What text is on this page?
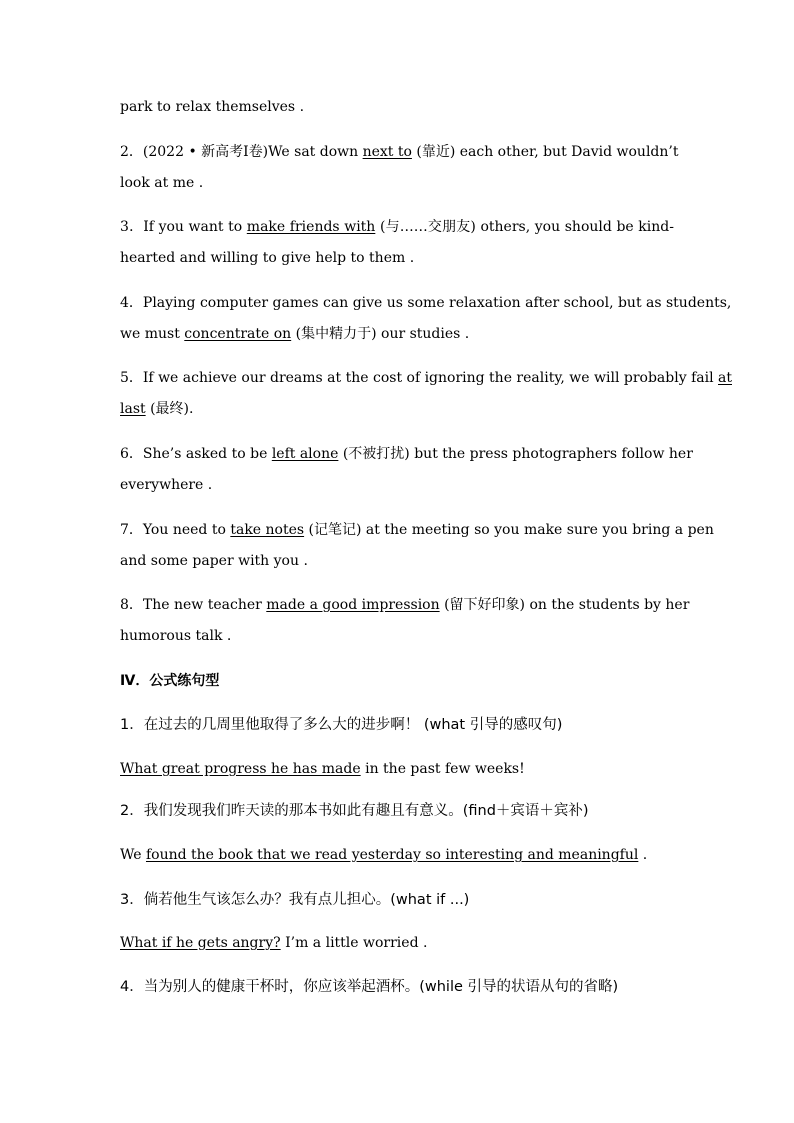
park to relax themselves .
2．(2022 • 新高考Ⅰ卷)We sat down next to (靠近) each other, but David wouldn’t
look at me .
3．If you want to make friends with (与……交朋友) others, you should be kind-
hearted and willing to give help to them .
4．Playing computer games can give us some relaxation after school, but as students,
we must concentrate on (集中精力于) our studies .
5．If we achieve our dreams at the cost of ignoring the reality, we will probably fail at
last (最终).
6．She’s asked to be left alone (不被打扰) but the press photographers follow her
everywhere .
7．You need to take notes (记笔记) at the meeting so you make sure you bring a pen
and some paper with you .
8．The new teacher made a good impression (留下好印象) on the students by her
humorous talk .
Ⅳ．公式练句型
1．在过去的几周里他取得了多么大的进步啊！ (what 引导的感叹句)
What great progress he has made in the past few weeks!
2．我们发现我们昨天读的那本书如此有趣且有意义。(find＋宾语＋宾补)
We found the book that we read yesterday so interesting and meaningful .
3．倘若他生气该怎么办？我有点儿担心。(what if ...)
What if he gets angry? I’m a little worried .
4．当为别人的健康干杯时，你应该举起酒杯。(while 引导的状语从句的省略)
